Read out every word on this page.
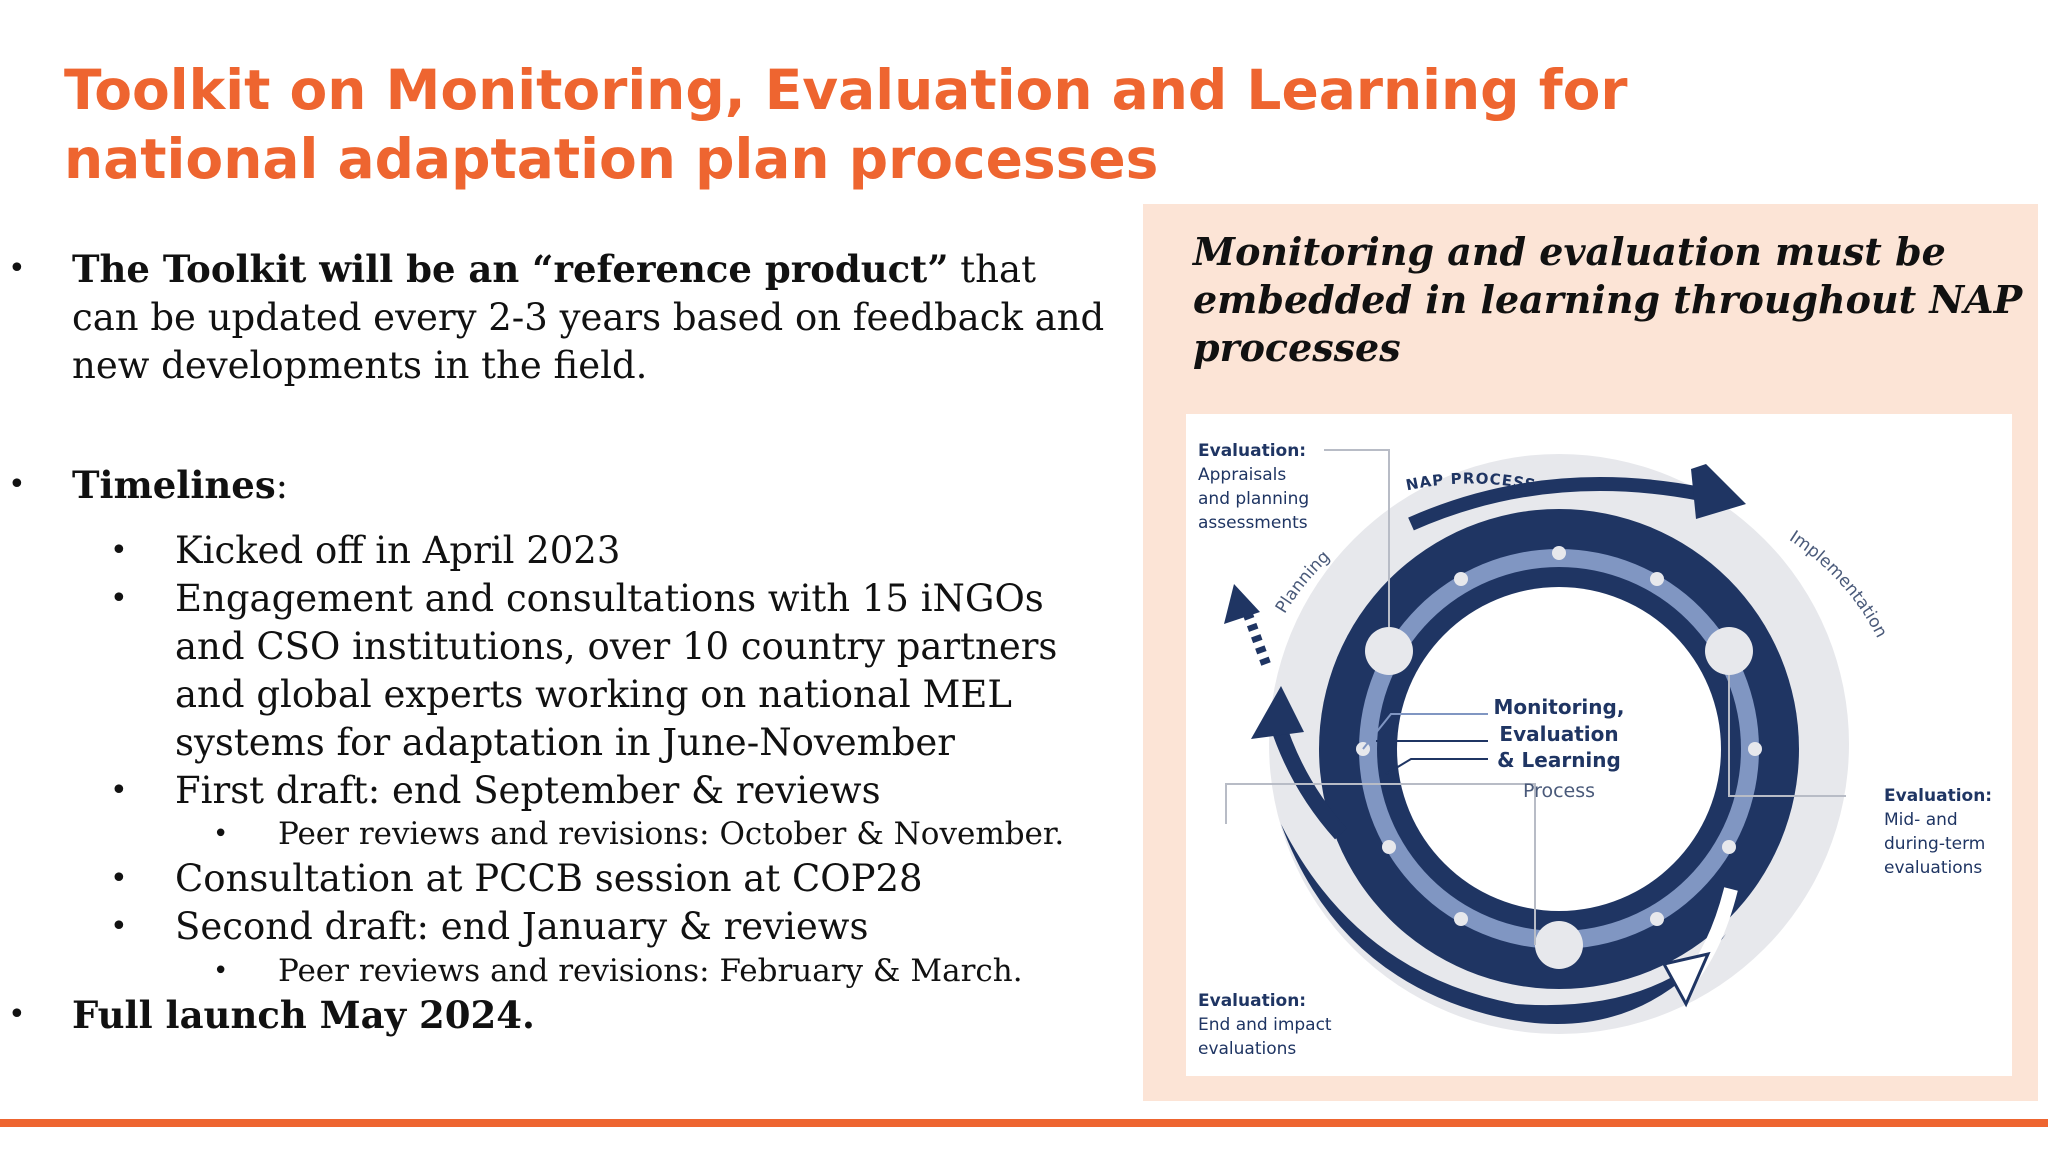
Toolkit on Monitoring, Evaluation and Learning for national adaptation plan processes
• The Toolkit will be an “reference product” that can be updated every 2-3 years based on feedback and new developments in the field.
• Timelines:
• Kicked off in April 2023
• Engagement and consultations with 15 iNGOs and CSO institutions, over 10 country partners and global experts working on national MEL systems for adaptation in June-November
• First draft: end September & reviews
• Peer reviews and revisions: October & November.
• Consultation at PCCB session at COP28
• Second draft: end January & reviews
• Peer reviews and revisions: February & March.
• Full launch May 2024.
Monitoring and evaluation must be embedded in learning throughout NAP processes
NAP PROCESS
Planning
Implementation
Monitoring,
Evaluation
& Learning
Process
Evaluation:
Appraisals
and planning
assessments
Evaluation:
Mid- and
during-term
evaluations
Evaluation:
End and impact
evaluations
